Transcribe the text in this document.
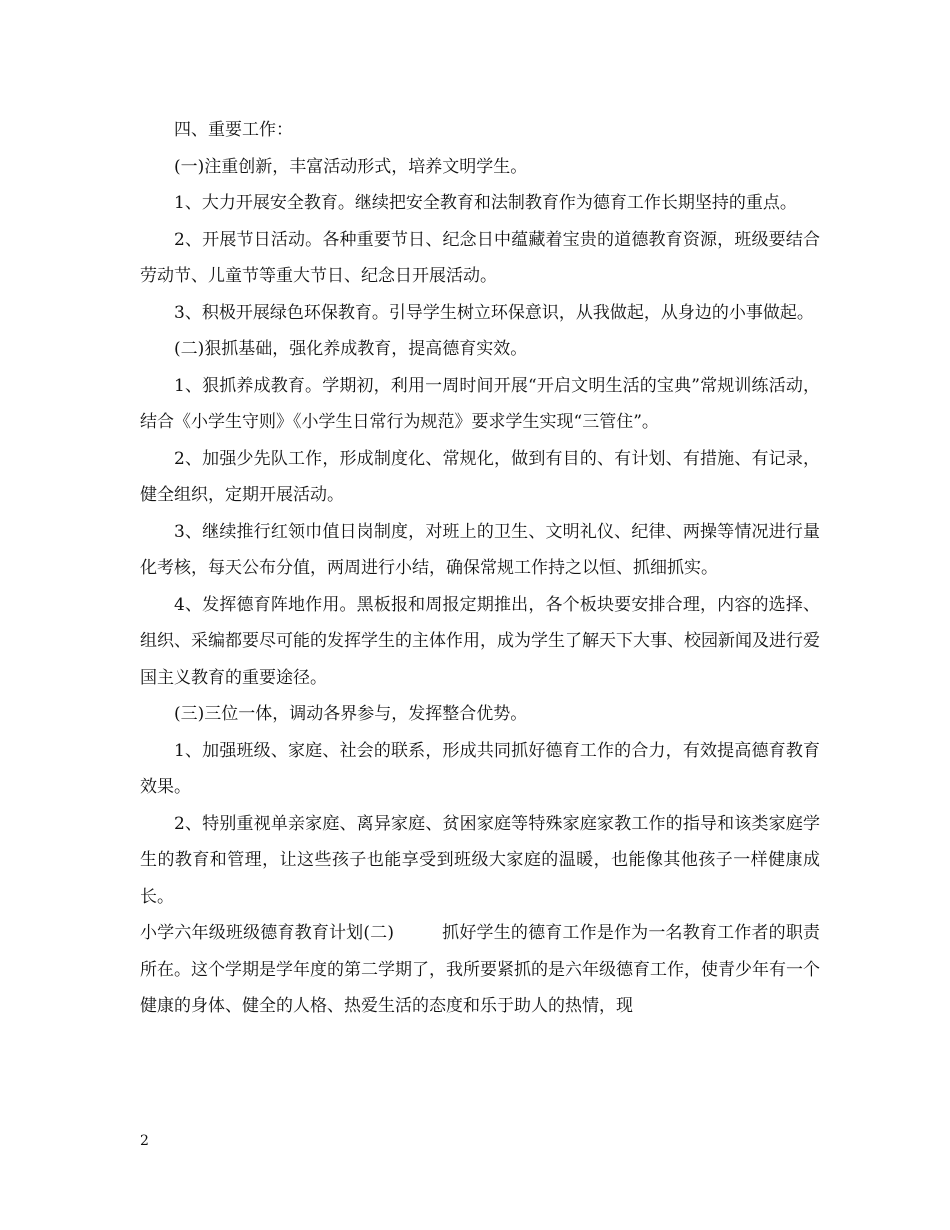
四、重要工作：

(一)注重创新，丰富活动形式，培养文明学生。

1、大力开展安全教育。继续把安全教育和法制教育作为德育工作长期坚持的重点。

2、开展节日活动。各种重要节日、纪念日中蕴藏着宝贵的道德教育资源，班级要结合劳动节、儿童节等重大节日、纪念日开展活动。

3、积极开展绿色环保教育。引导学生树立环保意识，从我做起，从身边的小事做起。

(二)狠抓基础，强化养成教育，提高德育实效。

1、狠抓养成教育。学期初，利用一周时间开展“开启文明生活的宝典”常规训练活动，结合《小学生守则》《小学生日常行为规范》要求学生实现“三管住”。

2、加强少先队工作，形成制度化、常规化，做到有目的、有计划、有措施、有记录，健全组织，定期开展活动。

3、继续推行红领巾值日岗制度，对班上的卫生、文明礼仪、纪律、两操等情况进行量化考核，每天公布分值，两周进行小结，确保常规工作持之以恒、抓细抓实。

4、发挥德育阵地作用。黑板报和周报定期推出，各个板块要安排合理，内容的选择、组织、采编都要尽可能的发挥学生的主体作用，成为学生了解天下大事、校园新闻及进行爱国主义教育的重要途径。

(三)三位一体，调动各界参与，发挥整合优势。

1、加强班级、家庭、社会的联系，形成共同抓好德育工作的合力，有效提高德育教育效果。

2、特别重视单亲家庭、离异家庭、贫困家庭等特殊家庭家教工作的指导和该类家庭学生的教育和管理，让这些孩子也能享受到班级大家庭的温暖，也能像其他孩子一样健康成长。

小学六年级班级德育教育计划(二)	抓好学生的德育工作是作为一名教育工作者的职责所在。这个学期是学年度的第二学期了，我所要紧抓的是六年级德育工作，使青少年有一个健康的身体、健全的人格、热爱生活的态度和乐于助人的热情，现

2
